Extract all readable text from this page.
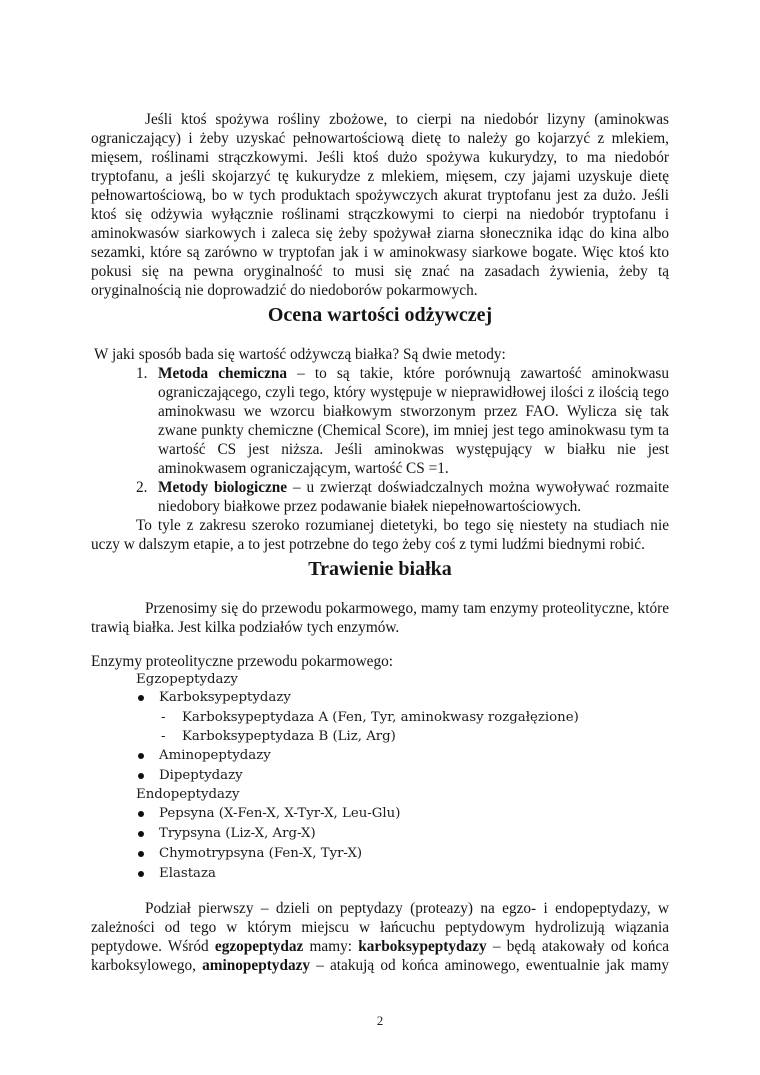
Jeśli ktoś spożywa rośliny zbożowe, to cierpi na niedobór lizyny (aminokwas
ograniczający) i żeby uzyskać pełnowartościową dietę to należy go kojarzyć z mlekiem,
mięsem, roślinami strączkowymi. Jeśli ktoś dużo spożywa kukurydzy, to ma niedobór
tryptofanu, a jeśli skojarzyć tę kukurydze z mlekiem, mięsem, czy jajami uzyskuje dietę
pełnowartościową, bo w tych produktach spożywczych akurat tryptofanu jest za dużo. Jeśli
ktoś się odżywia wyłącznie roślinami strączkowymi to cierpi na niedobór tryptofanu i
aminokwasów siarkowych i zaleca się żeby spożywał ziarna słonecznika idąc do kina albo
sezamki, które są zarówno w tryptofan jak i w aminokwasy siarkowe bogate. Więc ktoś kto
pokusi się na pewna oryginalność to musi się znać na zasadach żywienia, żeby tą
oryginalnością nie doprowadzić do niedoborów pokarmowych.
Ocena wartości odżywczej
W jaki sposób bada się wartość odżywczą białka? Są dwie metody:
1. Metoda chemiczna – to są takie, które porównują zawartość aminokwasu
ograniczającego, czyli tego, który występuje w nieprawidłowej ilości z ilością tego
aminokwasu we wzorcu białkowym stworzonym przez FAO. Wylicza się tak
zwane punkty chemiczne (Chemical Score), im mniej jest tego aminokwasu tym ta
wartość CS jest niższa. Jeśli aminokwas występujący w białku nie jest
aminokwasem ograniczającym, wartość CS =1.
2. Metody biologiczne – u zwierząt doświadczalnych można wywoływać rozmaite
niedobory białkowe przez podawanie białek niepełnowartościowych.
To tyle z zakresu szeroko rozumianej dietetyki, bo tego się niestety na studiach nie
uczy w dalszym etapie, a to jest potrzebne do tego żeby coś z tymi ludźmi biednymi robić.
Trawienie białka
Przenosimy się do przewodu pokarmowego, mamy tam enzymy proteolityczne, które
trawią białka. Jest kilka podziałów tych enzymów.
Enzymy proteolityczne przewodu pokarmowego:
Egzopeptydazy
Karboksypeptydazy
- Karboksypeptydaza A (Fen, Tyr, aminokwasy rozgałęzione)
- Karboksypeptydaza B (Liz, Arg)
Aminopeptydazy
Dipeptydazy
Endopeptydazy
Pepsyna (X-Fen-X, X-Tyr-X, Leu-Glu)
Trypsyna (Liz-X, Arg-X)
Chymotrypsyna (Fen-X, Tyr-X)
Elastaza
Podział pierwszy – dzieli on peptydazy (proteazy) na egzo- i endopeptydazy, w
zależności od tego w którym miejscu w łańcuchu peptydowym hydrolizują wiązania
peptydowe. Wśród egzopeptydaz mamy: karboksypeptydazy – będą atakowały od końca
karboksylowego, aminopeptydazy – atakują od końca aminowego, ewentualnie jak mamy
2
